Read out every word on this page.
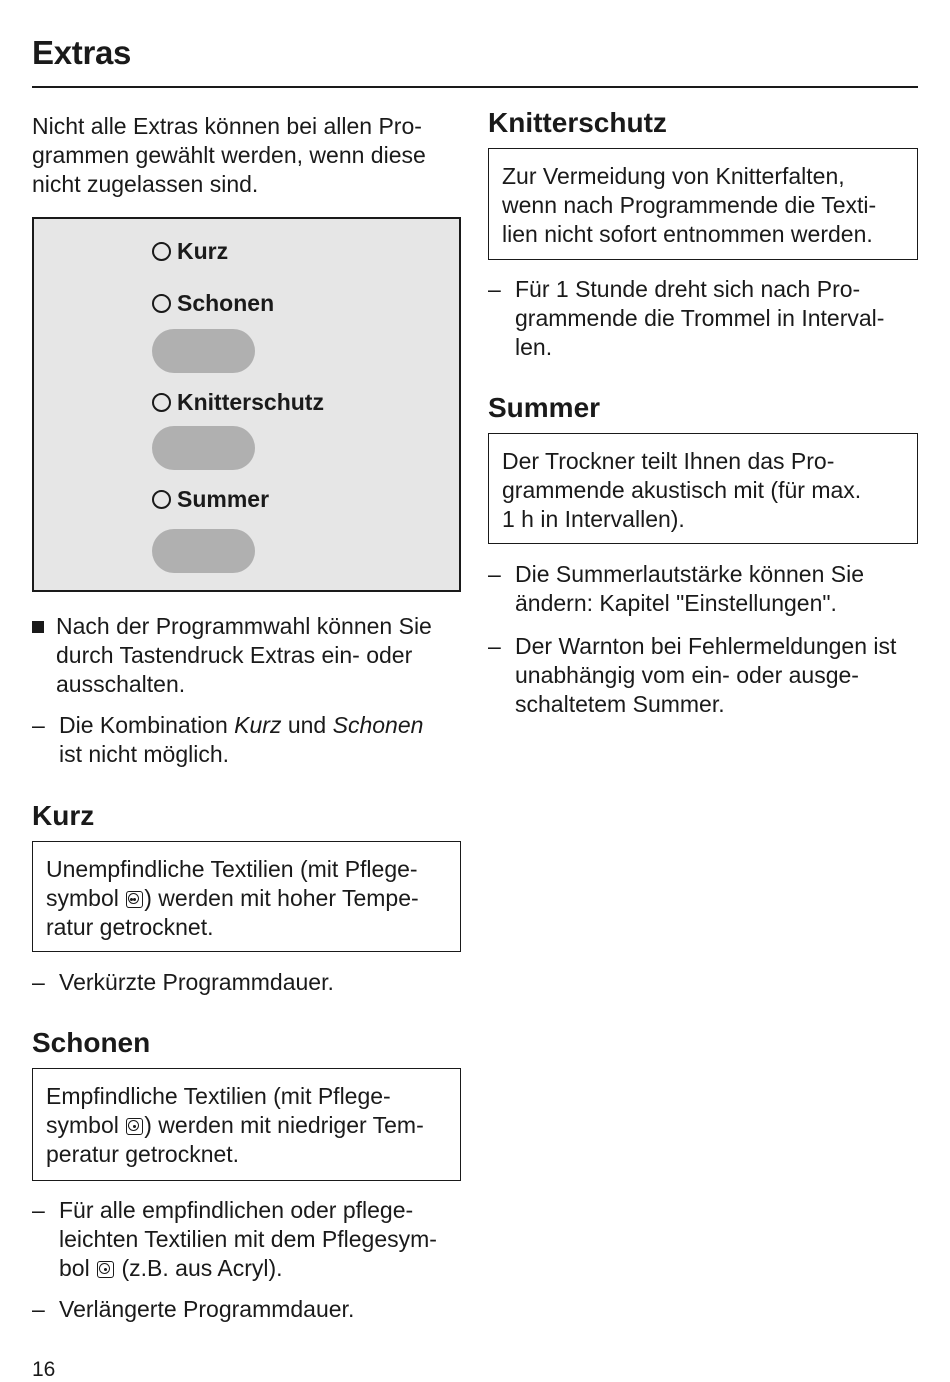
Extras

Nicht alle Extras können bei allen Pro-

grammen gewählt werden, wenn diese

nicht zugelassen sind.

Kurz
Schonen
Knitterschutz
Summer

Nach der Programmwahl können Sie

durch Tastendruck Extras ein- oder

ausschalten.

– Die Kombination Kurz und Schonen

ist nicht möglich.

Kurz

Unempfindliche Textilien (mit Pflege-

symbol
) werden mit hoher Tempe-

ratur getrocknet.

– Verkürzte Programmdauer.

Schonen

Empfindliche Textilien (mit Pflege-

symbol
) werden mit niedriger Tem-

peratur getrocknet.

– Für alle empfindlichen oder pflege-

leichten Textilien mit dem Pflegesym-

bol
(z.B. aus Acryl).

– Verlängerte Programmdauer.

Knitterschutz

Zur Vermeidung von Knitterfalten,

wenn nach Programmende die Texti-

lien nicht sofort entnommen werden.

– Für 1 Stunde dreht sich nach Pro-

grammende die Trommel in Interval-

len.

Summer

Der Trockner teilt Ihnen das Pro-

grammende akustisch mit (für max.

1 h in Intervallen).

– Die Summerlautstärke können Sie

ändern: Kapitel "Einstellungen".

– Der Warnton bei Fehlermeldungen ist

unabhängig vom ein- oder ausge-

schaltetem Summer.

16
